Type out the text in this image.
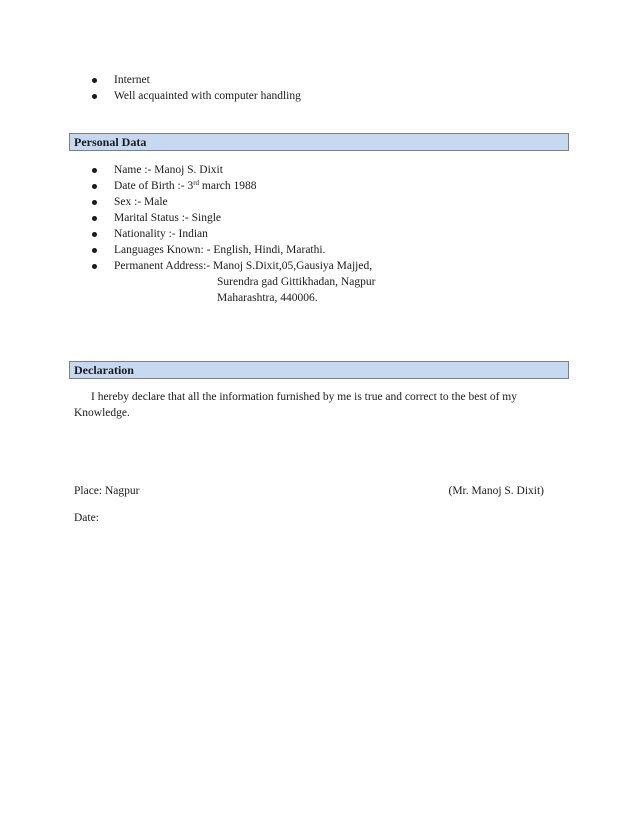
Internet
Well acquainted with computer handling
Personal Data
Name :- Manoj S. Dixit
Date of Birth :- 3rd march 1988
Sex :- Male
Marital Status :- Single
Nationality :- Indian
Languages Known: - English, Hindi, Marathi.
Permanent Address:- Manoj S.Dixit,05,Gausiya Majjed,
Surendra gad Gittikhadan, Nagpur
Maharashtra, 440006.
Declaration
I hereby declare that all the information furnished by me is true and correct to the best of my
Knowledge.
Place: Nagpur	(Mr. Manoj S. Dixit)
Date:
